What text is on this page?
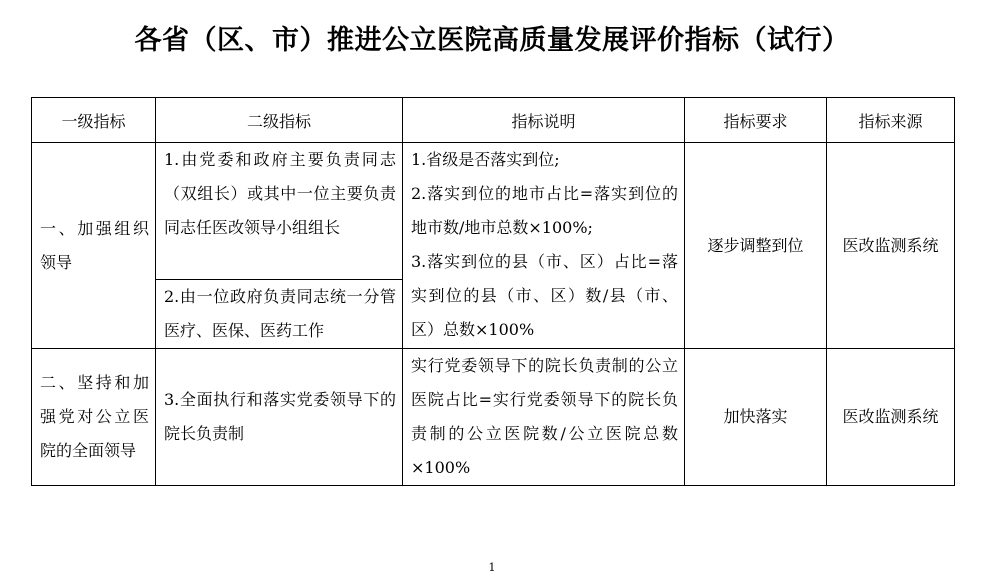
各省（区、市）推进公立医院高质量发展评价指标（试行）
一级指标	二级指标	指标说明	指标要求	指标来源

一、加强组织领导	1.由党委和政府主要负责同志（双组长）或其中一位主要负责同志任医改领导小组组长	1.省级是否落实到位;
2.落实到位的地市占比=落实到位的地市数/地市总数×100%;
3.落实到位的县（市、区）占比=落实到位的县（市、区）数/县（市、区）总数×100%	逐步调整到位	医改监测系统

	2.由一位政府负责同志统一分管医疗、医保、医药工作			

二、坚持和加强党对公立医院的全面领导	3.全面执行和落实党委领导下的院长负责制	实行党委领导下的院长负责制的公立医院占比=实行党委领导下的院长负责制的公立医院数/公立医院总数×100%	加快落实	医改监测系统
1
